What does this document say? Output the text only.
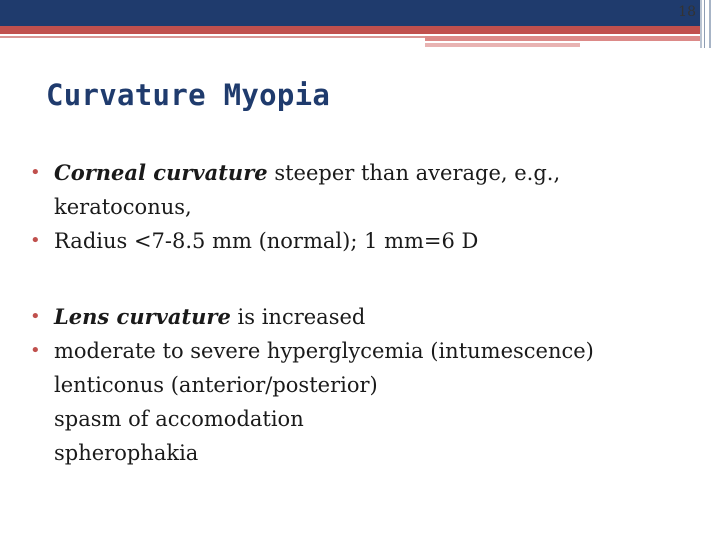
18
Curvature Myopia
• Corneal curvature steeper than average, e.g., keratoconus,
• Radius <7-8.5 mm (normal); 1 mm=6 D
• Lens curvature is increased
• moderate to severe hyperglycemia (intumescence)
lenticonus (anterior/posterior)
spasm of accomodation
spherophakia
